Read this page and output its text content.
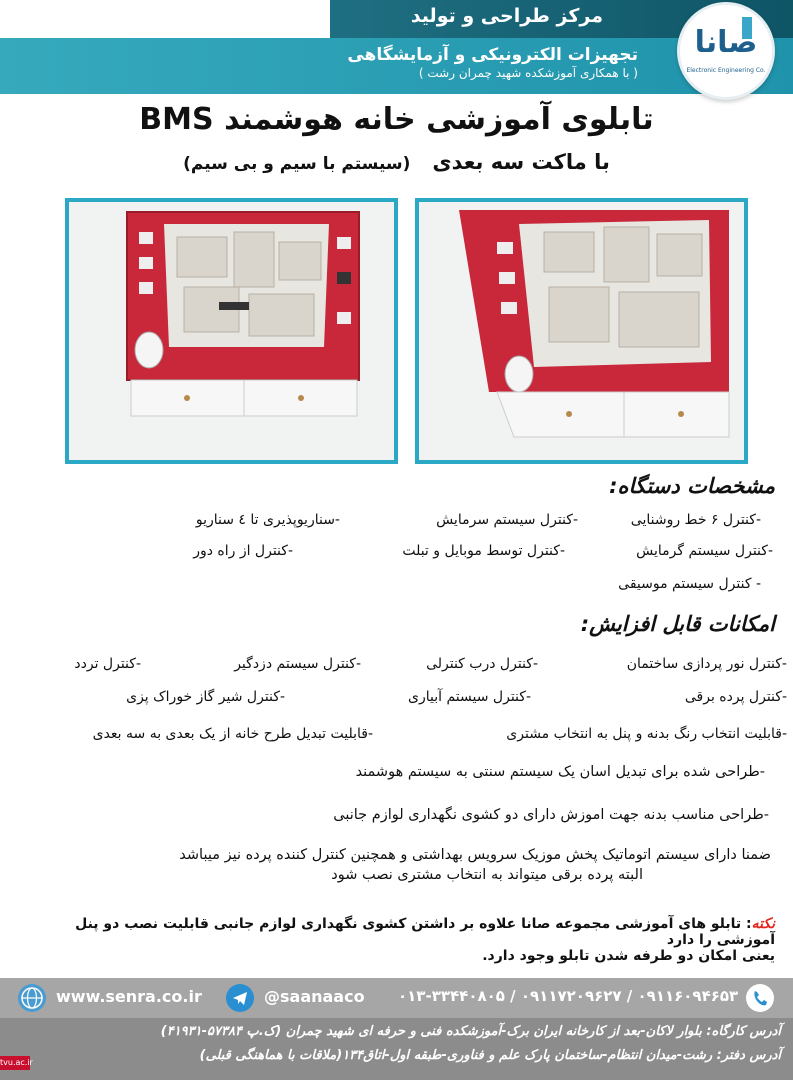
مرکز طراحی و تولید
تجهیزات الکترونیکی و آزمایشگاهی
( با همکاری آموزشکده شهید چمران رشت )
صانا
Electronic Engineering Co.
تابلوی آموزشی خانه هوشمند BMS
با ماکت سه بعدی   (سیستم با سیم و بی سیم)
مشخصات دستگاه:
-کنترل ۶ خط روشنایی
-کنترل سیستم سرمایش
-سناریوپذیری تا ٤ سناریو
-کنترل سیستم گرمایش
-کنترل توسط موبایل و تبلت
-کنترل از راه دور
- کنترل سیستم موسیقی
امکانات قابل افزایش:
-کنترل نور پردازی ساختمان
-کنترل درب کنترلی
-کنترل سیستم دزدگیر
-کنترل تردد
-کنترل پرده برقی
-کنترل سیستم آبیاری
-کنترل شیر گاز خوراک پزی
-قابلیت انتخاب رنگ بدنه و پنل به انتخاب مشتری
-قابلیت تبدیل طرح خانه از یک بعدی به سه بعدی
-طراحی شده برای تبدیل اسان یک سیستم سنتی به سیستم هوشمند
-طراحی مناسب بدنه جهت اموزش دارای دو کشوی نگهداری لوازم جانبی
ضمنا دارای سیستم اتوماتیک پخش موزیک سرویس بهداشتی و همچنین کنترل کننده پرده نیز میباشد
البته پرده برقی میتواند به انتخاب مشتری نصب شود
نکته: تابلو های آموزشی مجموعه صانا علاوه بر داشتن کشوی نگهداری لوازم جانبی قابلیت نصب دو پنل آموزشی را دارد
یعنی امکان دو طرفه شدن تابلو وجود دارد.
www.senra.co.ir	@saanaaco ۰۱۳-۳۳۴۴۰۸۰۵ / ۰۹۱۱۷۲۰۹۶۲۷ / ۰۹۱۱۶۰۹۴۶۵۳
آدرس کارگاه: بلوار لاکان-بعد از کارخانه ایران برک-آموزشکده فنی و حرفه ای شهید چمران (ک.پ ۵۷۳۸۴-۴۱۹۳۱)
آدرس دفتر: رشت-میدان انتظام-ساختمان پارک علم و فناوری-طبقه اول-اتاق۱۳۴(ملاقات با هماهنگی قبلی)
tvu.ac.ir
